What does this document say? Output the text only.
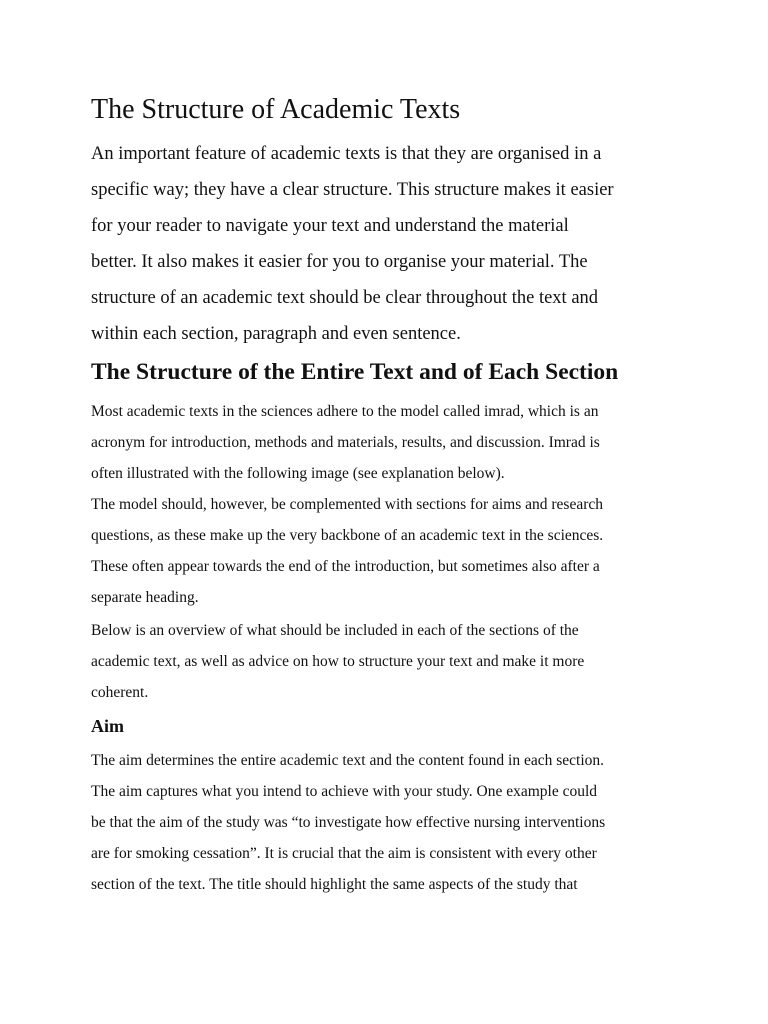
The Structure of Academic Texts

An important feature of academic texts is that they are organised in a
specific way; they have a clear structure. This structure makes it easier
for your reader to navigate your text and understand the material
better. It also makes it easier for you to organise your material. The
structure of an academic text should be clear throughout the text and
within each section, paragraph and even sentence.

The Structure of the Entire Text and of Each Section

Most academic texts in the sciences adhere to the model called imrad, which is an
acronym for introduction, methods and materials, results, and discussion. Imrad is
often illustrated with the following image (see explanation below).

The model should, however, be complemented with sections for aims and research
questions, as these make up the very backbone of an academic text in the sciences.
These often appear towards the end of the introduction, but sometimes also after a
separate heading.

Below is an overview of what should be included in each of the sections of the
academic text, as well as advice on how to structure your text and make it more
coherent.

Aim

The aim determines the entire academic text and the content found in each section.
The aim captures what you intend to achieve with your study. One example could
be that the aim of the study was “to investigate how effective nursing interventions
are for smoking cessation”. It is crucial that the aim is consistent with every other
section of the text. The title should highlight the same aspects of the study that
